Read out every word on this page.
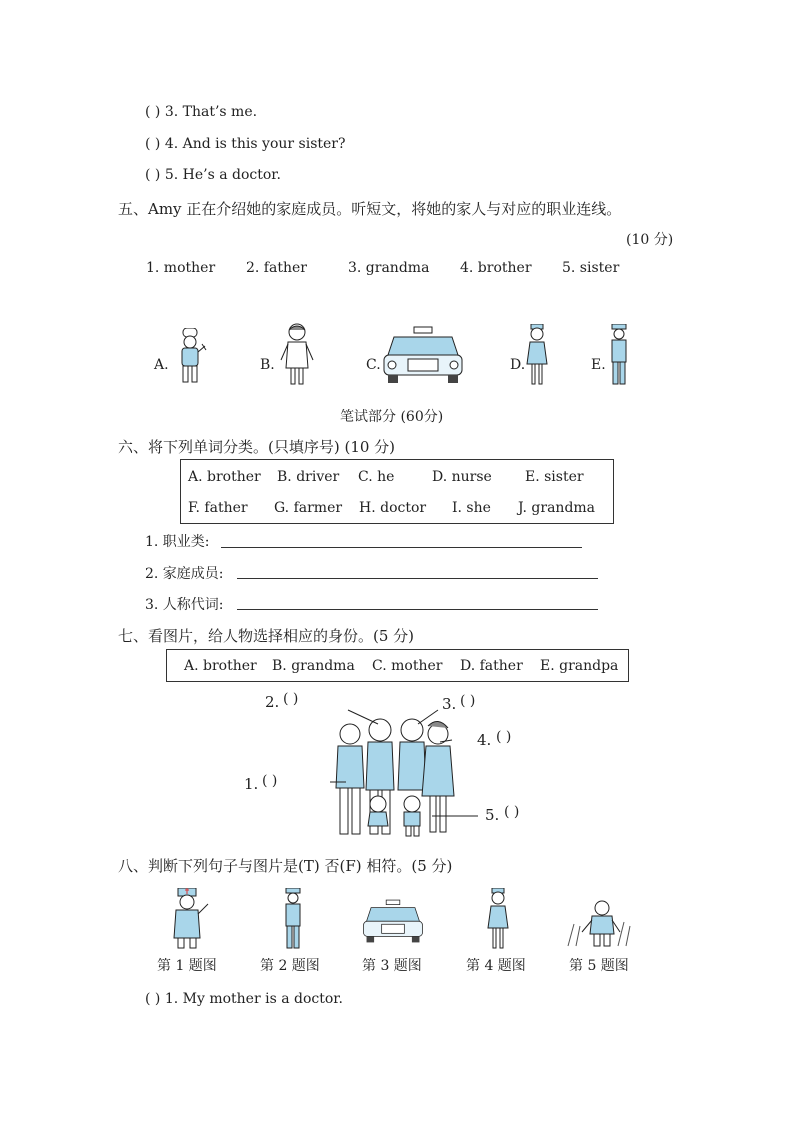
( ) 3. That’s me.
( ) 4. And is this your sister?
( ) 5. He’s a doctor.
五、Amy 正在介绍她的家庭成员。听短文，将她的家人与对应的职业连线。
(10 分)
1. mother 2. father	3. grandma 4. brother 5. sister
A.	B.	C.	D.	E.
笔试部分 (60分)
六、将下列单词分类。(只填序号) (10 分)
A. brother B. driver C. he	D. nurse E. sister
F. father G. farmer H. doctor I. she J. grandma
1. 职业类:
2. 家庭成员:
3. 人称代词:
七、看图片，给人物选择相应的身份。(5 分)
A. brother B. grandma C. mother D. father E. grandpa
2. ( )	3. ( )
4. ( )
1. ( )
5. ( )
八、判断下列句子与图片是(T) 否(F) 相符。(5 分)
第 1 题图	第 2 题图	第 3 题图	第 4 题图	第 5 题图
( ) 1. My mother is a doctor.
